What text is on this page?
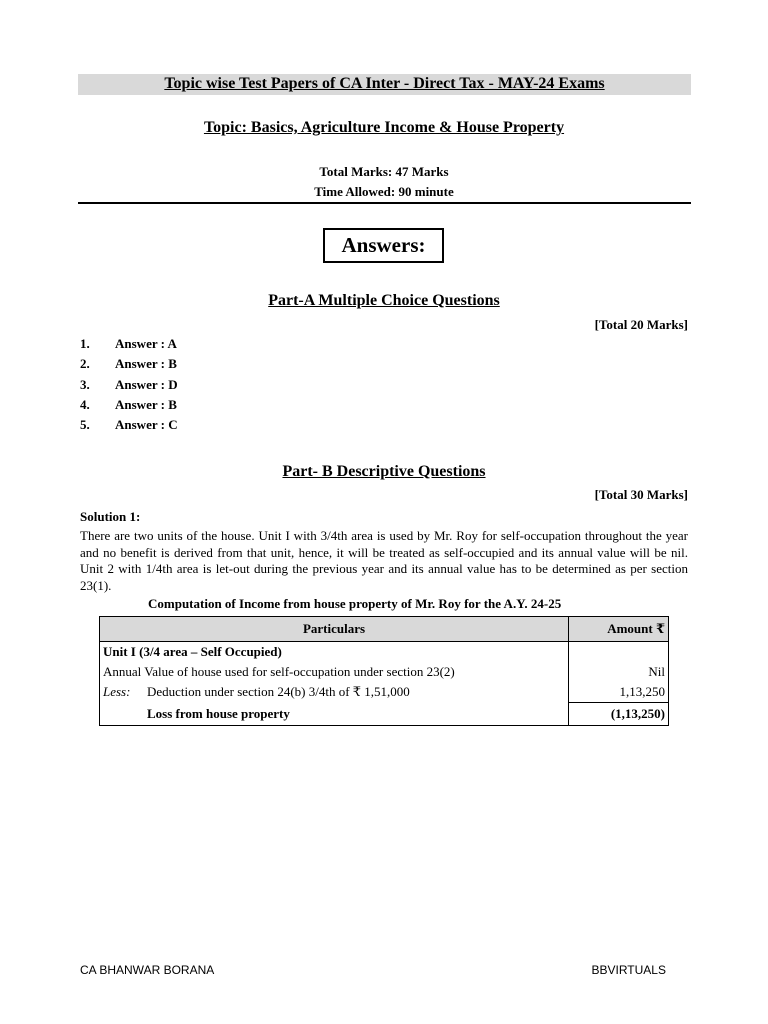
Topic wise Test Papers of CA Inter - Direct Tax - MAY-24 Exams
Topic: Basics, Agriculture Income & House Property
Total Marks: 47 Marks
Time Allowed: 90 minute
Answers:
Part-A Multiple Choice Questions
[Total 20 Marks]
1. Answer : A
2. Answer : B
3. Answer : D
4. Answer : B
5. Answer : C
Part- B Descriptive Questions
[Total 30 Marks]
Solution 1:
There are two units of the house. Unit I with 3/4th area is used by Mr. Roy for self-occupation throughout the year and no benefit is derived from that unit, hence, it will be treated as self-occupied and its annual value will be nil. Unit 2 with 1/4th area is let-out during the previous year and its annual value has to be determined as per section 23(1).
Computation of Income from house property of Mr. Roy for the A.Y. 24-25
Particulars	Amount ₹
Unit I (3/4 area – Self Occupied)	
Annual Value of house used for self-occupation under section 23(2)	Nil
Less: Deduction under section 24(b) 3/4th of ₹ 1,51,000	1,13,250
Loss from house property	(1,13,250)
CA BHANWAR BORANA	BBVIRTUALS
